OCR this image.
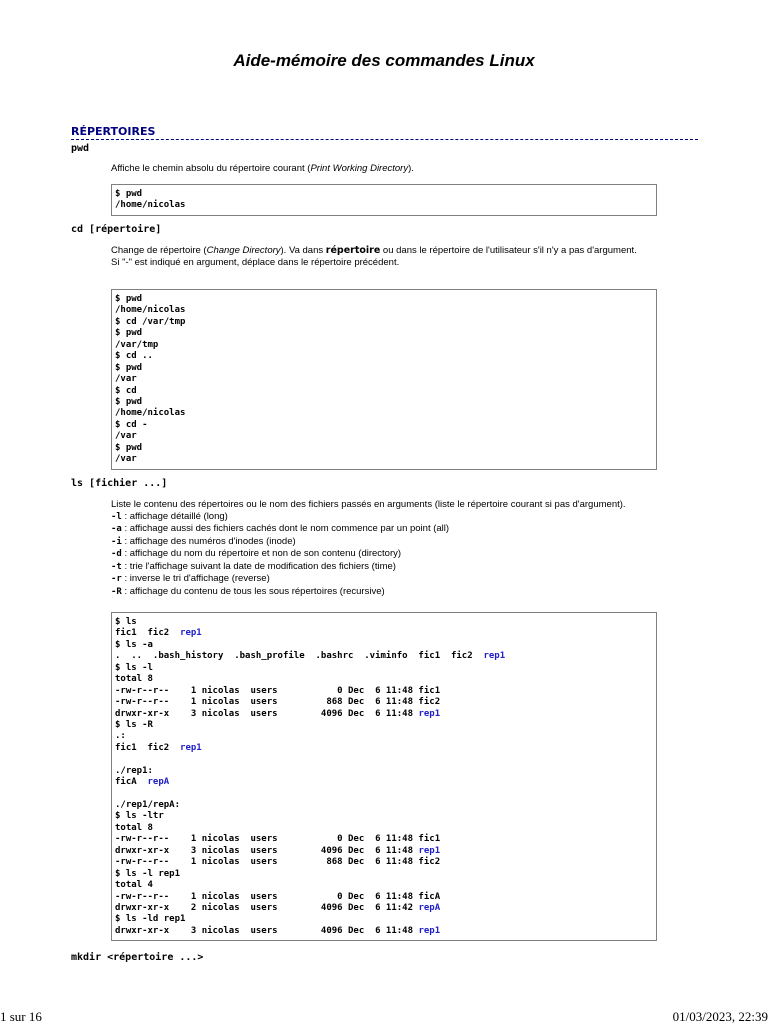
Aide-mémoire des commandes Linux
RÉPERTOIRES
pwd

Affiche le chemin absolu du répertoire courant (Print Working Directory).

$ pwd
/home/nicolas
cd [répertoire]

Change de répertoire (Change Directory). Va dans répertoire ou dans le répertoire de l'utilisateur s'il n'y a pas d'argument.
Si "-" est indiqué en argument, déplace dans le répertoire précédent.

$ pwd
/home/nicolas
$ cd /var/tmp
$ pwd
/var/tmp
$ cd ..
$ pwd
/var
$ cd
$ pwd
/home/nicolas
$ cd -
/var
$ pwd
/var
ls [fichier ...]
Liste le contenu des répertoires ou le nom des fichiers passés en arguments (liste le répertoire courant si pas d'argument).
-l : affichage détaillé (long)
-a : affichage aussi des fichiers cachés dont le nom commence par un point (all)
-i : affichage des numéros d'inodes (inode)
-d : affichage du nom du répertoire et non de son contenu (directory)
-t : trie l'affichage suivant la date de modification des fichiers (time)
-r : inverse le tri d'affichage (reverse)
-R : affichage du contenu de tous les sous répertoires (recursive)
$ ls
fic1  fic2  rep1
$ ls -a
.  ..  .bash_history  .bash_profile  .bashrc  .viminfo  fic1  fic2  rep1
$ ls -l
total 8
-rw-r--r--    1 nicolas  users           0 Dec  6 11:48 fic1
-rw-r--r--    1 nicolas  users         868 Dec  6 11:48 fic2
drwxr-xr-x    3 nicolas  users        4096 Dec  6 11:48 rep1
$ ls -R
.:
fic1  fic2  rep1
./rep1:
ficA  repA
./rep1/repA:
$ ls -ltr
total 8
-rw-r--r--    1 nicolas  users           0 Dec  6 11:48 fic1
drwxr-xr-x    3 nicolas  users        4096 Dec  6 11:48 rep1
-rw-r--r--    1 nicolas  users         868 Dec  6 11:48 fic2
$ ls -l rep1
total 4
-rw-r--r--    1 nicolas  users           0 Dec  6 11:48 ficA
drwxr-xr-x    2 nicolas  users        4096 Dec  6 11:42 repA
$ ls -ld rep1
drwxr-xr-x    3 nicolas  users        4096 Dec  6 11:48 rep1
mkdir <répertoire ...>
1 sur 16	01/03/2023, 22:39
